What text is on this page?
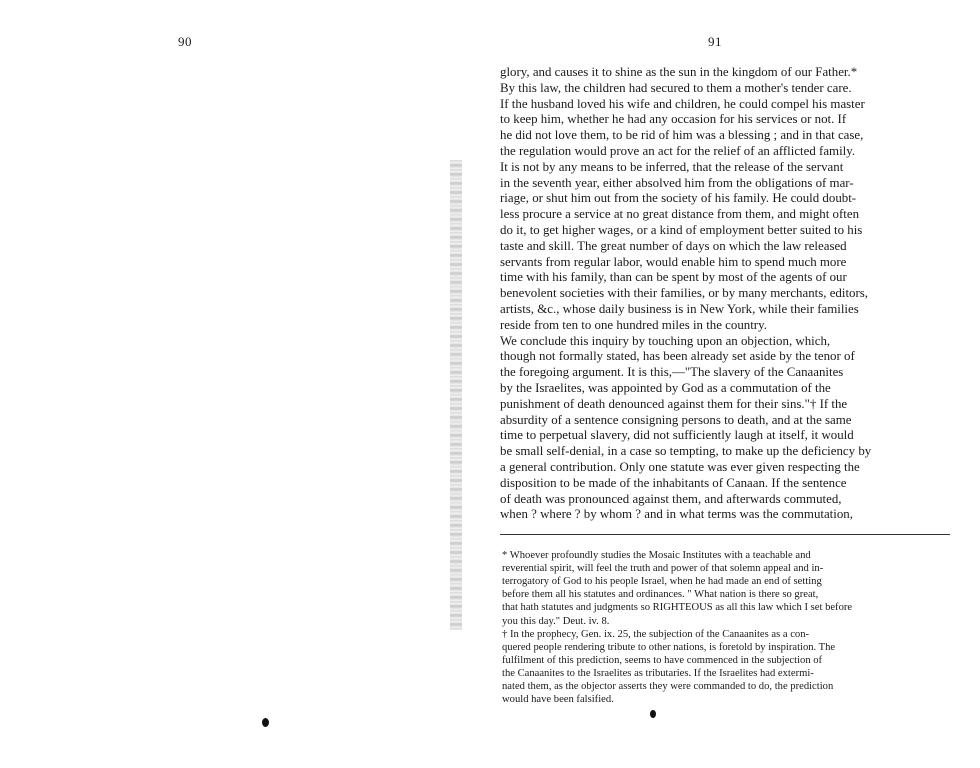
90	91
glory, and causes it to shine as the sun in the kingdom of our Father.*
By this law, the children had secured to them a mother's tender care.
If the husband loved his wife and children, he could compel his master
to keep him, whether he had any occasion for his services or not. If
he did not love them, to be rid of him was a blessing ; and in that case,
the regulation would prove an act for the relief of an afflicted family.
It is not by any means to be inferred, that the release of the servant
in the seventh year, either absolved him from the obligations of mar-
riage, or shut him out from the society of his family. He could doubt-
less procure a service at no great distance from them, and might often
do it, to get higher wages, or a kind of employment better suited to his
taste and skill. The great number of days on which the law released
servants from regular labor, would enable him to spend much more
time with his family, than can be spent by most of the agents of our
benevolent societies with their families, or by many merchants, editors,
artists, &c., whose daily business is in New York, while their families
reside from ten to one hundred miles in the country.
We conclude this inquiry by touching upon an objection, which,
though not formally stated, has been already set aside by the tenor of
the foregoing argument. It is this,—"The slavery of the Canaanites
by the Israelites, was appointed by God as a commutation of the
punishment of death denounced against them for their sins."† If the
absurdity of a sentence consigning persons to death, and at the same
time to perpetual slavery, did not sufficiently laugh at itself, it would
be small self-denial, in a case so tempting, to make up the deficiency by
a general contribution. Only one statute was ever given respecting the
disposition to be made of the inhabitants of Canaan. If the sentence
of death was pronounced against them, and afterwards commuted,
when ? where ? by whom ? and in what terms was the commutation,
* Whoever profoundly studies the Mosaic Institutes with a teachable and
reverential spirit, will feel the truth and power of that solemn appeal and in-
terrogatory of God to his people Israel, when he had made an end of setting
before them all his statutes and ordinances. " What nation is there so great,
that hath statutes and judgments so RIGHTEOUS as all this law which I set before
you this day." Deut. iv. 8.
† In the prophecy, Gen. ix. 25, the subjection of the Canaanites as a con-
quered people rendering tribute to other nations, is foretold by inspiration. The
fulfilment of this prediction, seems to have commenced in the subjection of
the Canaanites to the Israelites as tributaries. If the Israelites had extermi-
nated them, as the objector asserts they were commanded to do, the prediction
would have been falsified.
